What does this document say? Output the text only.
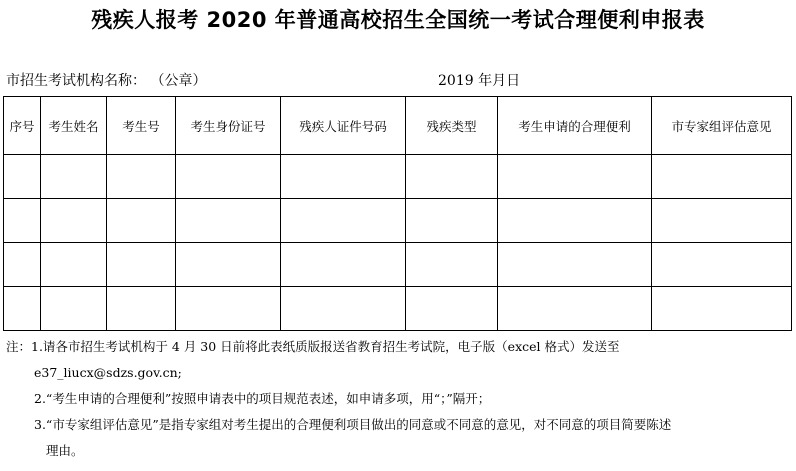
残疾人报考 2020 年普通高校招生全国统一考试合理便利申报表
市招生考试机构名称： （公章）	2019 年月日
序号	考生姓名	考生号	考生身份证号	残疾人证件号码	残疾类型	考生申请的合理便利	市专家组评估意见

注：1.请各市招生考试机构于 4 月 30 日前将此表纸质版报送省教育招生考试院，电子版（excel 格式）发送至
e37_liucx@sdzs.gov.cn;
2.“考生申请的合理便利”按照申请表中的项目规范表述，如申请多项，用“；”隔开；
3.“市专家组评估意见”是指专家组对考生提出的合理便利项目做出的同意或不同意的意见，对不同意的项目简要陈述
理由。
